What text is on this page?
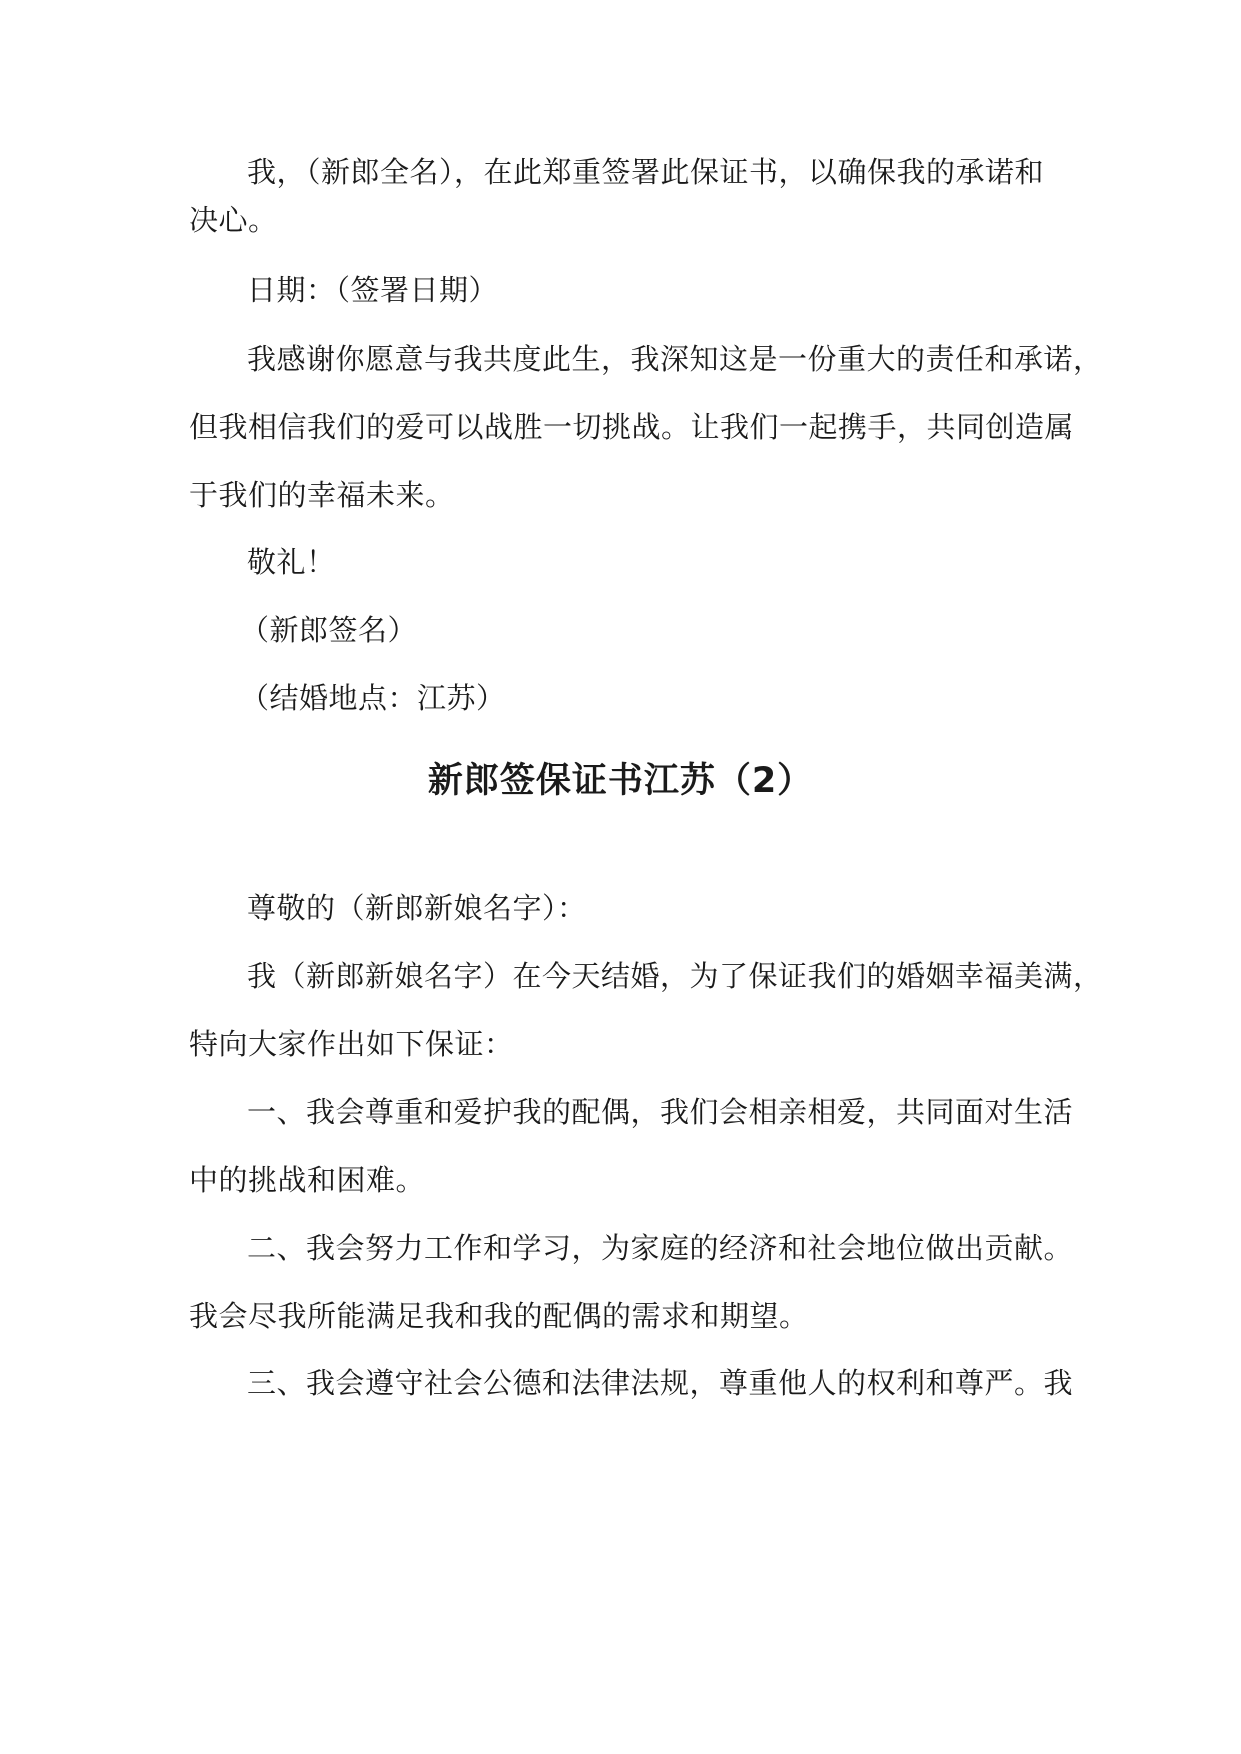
我，（新郎全名），在此郑重签署此保证书，以确保我的承诺和
决心。
日期：（签署日期）
我感谢你愿意与我共度此生，我深知这是一份重大的责任和承诺，
但我相信我们的爱可以战胜一切挑战。让我们一起携手，共同创造属
于我们的幸福未来。
敬礼！
（新郎签名）
（结婚地点：江苏）
新郎签保证书江苏（2）
尊敬的（新郎新娘名字）：
我（新郎新娘名字）在今天结婚，为了保证我们的婚姻幸福美满，
特向大家作出如下保证：
一、我会尊重和爱护我的配偶，我们会相亲相爱，共同面对生活
中的挑战和困难。
二、我会努力工作和学习，为家庭的经济和社会地位做出贡献。
我会尽我所能满足我和我的配偶的需求和期望。
三、我会遵守社会公德和法律法规，尊重他人的权利和尊严。我
